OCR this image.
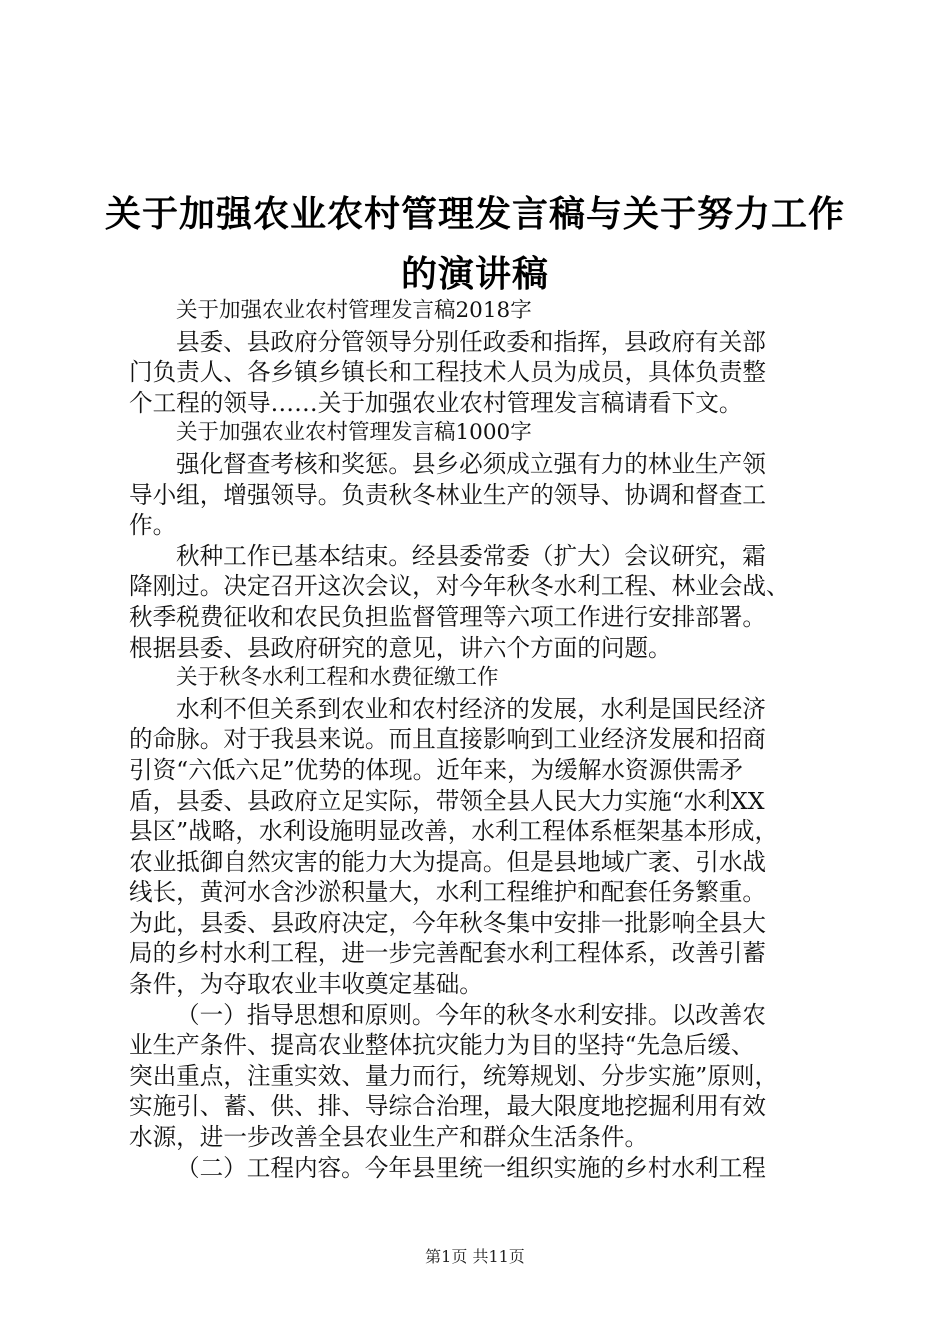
关于加强农业农村管理发言稿与关于努力工作
的演讲稿
关于加强农业农村管理发言稿2018字
县委、县政府分管领导分别任政委和指挥，县政府有关部
门负责人、各乡镇乡镇长和工程技术人员为成员，具体负责整
个工程的领导……关于加强农业农村管理发言稿请看下文。
关于加强农业农村管理发言稿1000字
强化督查考核和奖惩。县乡必须成立强有力的林业生产领
导小组，增强领导。负责秋冬林业生产的领导、协调和督查工
作。
秋种工作已基本结束。经县委常委（扩大）会议研究，霜
降刚过。决定召开这次会议，对今年秋冬水利工程、林业会战、
秋季税费征收和农民负担监督管理等六项工作进行安排部署。
根据县委、县政府研究的意见，讲六个方面的问题。
关于秋冬水利工程和水费征缴工作
水利不但关系到农业和农村经济的发展，水利是国民经济
的命脉。对于我县来说。而且直接影响到工业经济发展和招商
引资“六低六足”优势的体现。近年来，为缓解水资源供需矛
盾，县委、县政府立足实际，带领全县人民大力实施“水利XX
县区”战略，水利设施明显改善，水利工程体系框架基本形成，
农业抵御自然灾害的能力大为提高。但是县地域广袤、引水战
线长，黄河水含沙淤积量大，水利工程维护和配套任务繁重。
为此，县委、县政府决定，今年秋冬集中安排一批影响全县大
局的乡村水利工程，进一步完善配套水利工程体系，改善引蓄
条件，为夺取农业丰收奠定基础。
（一）指导思想和原则。今年的秋冬水利安排。以改善农
业生产条件、提高农业整体抗灾能力为目的坚持“先急后缓、
突出重点，注重实效、量力而行，统筹规划、分步实施”原则，
实施引、蓄、供、排、导综合治理，最大限度地挖掘利用有效
水源，进一步改善全县农业生产和群众生活条件。
（二）工程内容。今年县里统一组织实施的乡村水利工程
第1页 共11页
